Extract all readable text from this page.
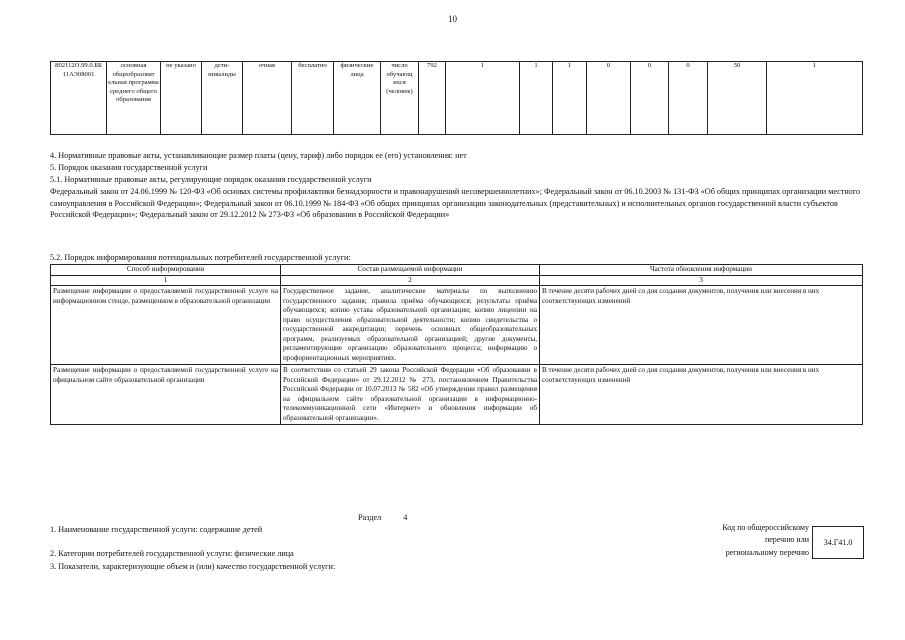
10
802112О.99.0.ББ 11АЭ08001	основная общеобразоват ельная программа среднего общего образования	не указано	дети-инвалиды	очная	бесплатно	физические лица	число обучающ ихся (человек)	792	1	1	1	0	0	0	50	1
4. Нормативные правовые акты, устанавливающие размер платы (цену, тариф) либо порядок ее (его) установления: нет
5. Порядок оказания государственной услуги
5.1. Нормативные правовые акты, регулирующие порядок оказания государственной услуги
Федеральный закон от 24.06.1999 № 120-ФЗ «Об основах системы профилактики безнадзорности и правонарушений несовершеннолетних»; Федеральный закон от 06.10.2003 № 131-ФЗ «Об общих принципах организации местного самоуправления в Российской Федерации»; Федеральный закон от 06.10.1999 № 184-ФЗ «Об общих принципах организации законодательных (представительных) и исполнительных органов государственной власти субъектов Российской Федерации»; Федеральный закон от 29.12.2012 № 273-ФЗ «Об образовании в Российской Федерации»
5.2. Порядок информирования потенциальных потребителей государственной услуги:
Способ информирования	Состав размещаемой информации	Частота обновления информации
1	2	3
Размещение информации о предоставляемой государственной услуге на информационном стенде, размещенном в образовательной организации	Государственное задание, аналитические материалы по выполнению государственного задания; правила приёма обучающихся; результаты приёма обучающихся; копию устава образовательной организации; копию лицензии на право осуществления образовательной деятельности; копию свидетельства о государственной аккредитации; перечень основных общеобразовательных программ, реализуемых образовательной организацией; другие документы, регламентирующие организацию образовательного процесса; информацию о профориентационных мероприятиях.	В течение десяти рабочих дней со дня создания документов, получения или внесения в них соответствующих изменений
Размещение информации о предоставляемой государственной услуге на официальном сайте образовательной организации	В соответствии со статьей 29 закона Российской Федерации «Об образовании в Российской Федерации» от 29.12.2012 № 273, постановлением Правительства Российской Федерации от 10.07.2013 № 582 «Об утверждении правил размещения на официальном сайте образовательной организации в информационно-телекоммуникационной сети «Интернет» и обновления информации об образовательной организации».	В течение десяти рабочих дней со дня создания документов, получения или внесения в них соответствующих изменений
Раздел	4
1. Наименование государственной услуги: содержание детей
2. Категории потребителей государственной услуги: физические лица
3. Показатели, характеризующие объем и (или) качество государственной услуги:
Код по общероссийскому
перечню или
региональному перечню
34.Г41.0
